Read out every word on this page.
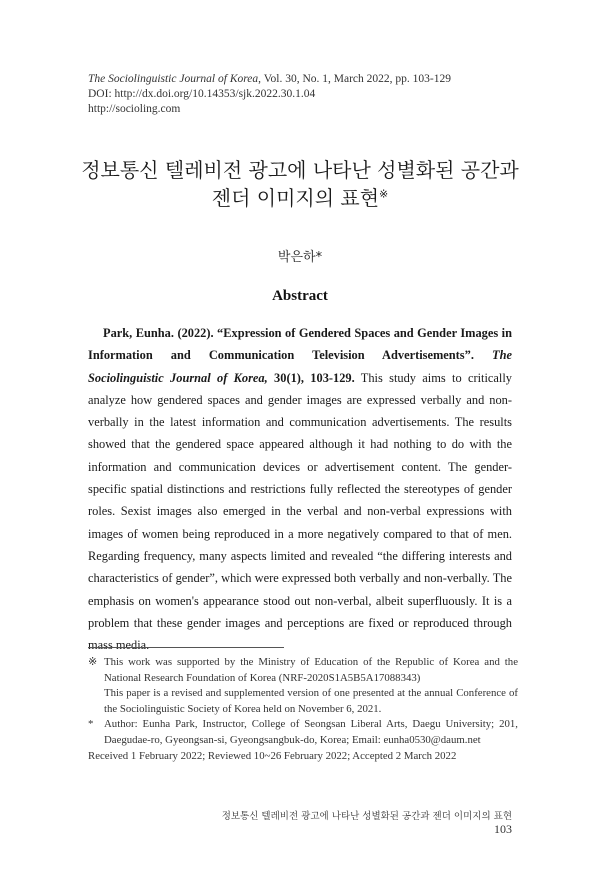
The Sociolinguistic Journal of Korea, Vol. 30, No. 1, March 2022, pp. 103-129
DOI: http://dx.doi.org/10.14353/sjk.2022.30.1.04
http://socioling.com
정보통신 텔레비전 광고에 나타난 성별화된 공간과
젠더 이미지의 표현※
박은하*
Abstract

Park, Eunha. (2022). “Expression of Gendered Spaces and Gender Images in Information and Communication Television Advertisements”. The Sociolinguistic Journal of Korea, 30(1), 103-129. This study aims to critically analyze how gendered spaces and gender images are expressed verbally and non-verbally in the latest information and communication advertisements. The results showed that the gendered space appeared although it had nothing to do with the information and communication devices or advertisement content. The gender-specific spatial distinctions and restrictions fully reflected the stereotypes of gender roles. Sexist images also emerged in the verbal and non-verbal expressions with images of women being reproduced in a more negatively compared to that of men. Regarding frequency, many aspects limited and revealed “the differing interests and characteristics of gender”, which were expressed both verbally and non-verbally. The emphasis on women's appearance stood out non-verbal, albeit superfluously. It is a problem that these gender images and perceptions are fixed or reproduced through mass media.

※ This work was supported by the Ministry of Education of the Republic of Korea and the National Research Foundation of Korea (NRF-2020S1A5B5A17088343)

This paper is a revised and supplemented version of one presented at the annual Conference of the Sociolinguistic Society of Korea held on November 6, 2021.

* Author: Eunha Park, Instructor, College of Seongsan Liberal Arts, Daegu University; 201, Daegudae-ro, Gyeongsan-si, Gyeongsangbuk-do, Korea; Email: eunha0530@daum.net

Received 1 February 2022; Reviewed 10~26 February 2022; Accepted 2 March 2022
정보통신 텔레비전 광고에 나타난 성별화된 공간과 젠더 이미지의 표현103
